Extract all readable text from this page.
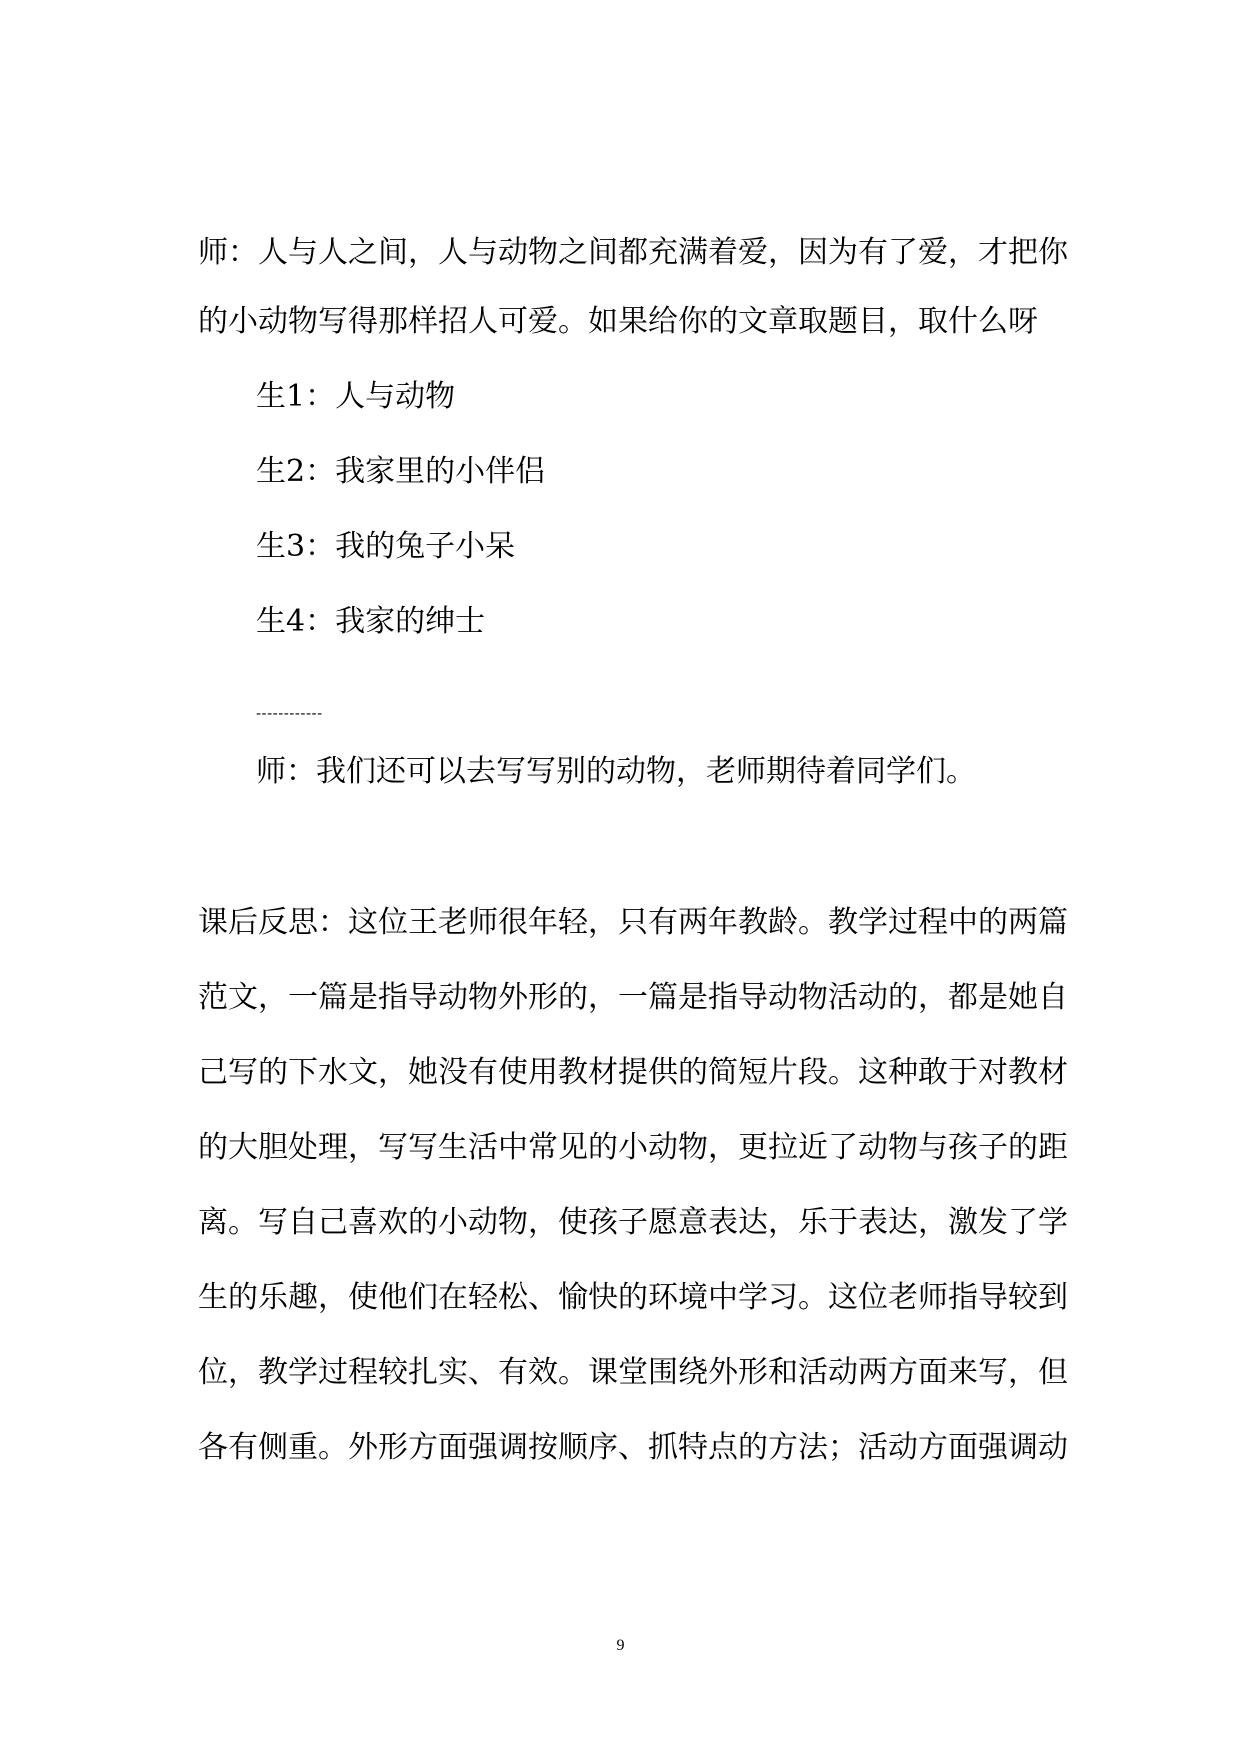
师：人与人之间，人与动物之间都充满着爱，因为有了爱，才把你
的小动物写得那样招人可爱。如果给你的文章取题目，取什么呀
生1：人与动物
生2：我家里的小伴侣
生3：我的兔子小呆
生4：我家的绅士
------------
师：我们还可以去写写别的动物，老师期待着同学们。
课后反思：这位王老师很年轻，只有两年教龄。教学过程中的两篇
范文，一篇是指导动物外形的，一篇是指导动物活动的，都是她自
己写的下水文，她没有使用教材提供的简短片段。这种敢于对教材
的大胆处理，写写生活中常见的小动物，更拉近了动物与孩子的距
离。写自己喜欢的小动物，使孩子愿意表达，乐于表达，激发了学
生的乐趣，使他们在轻松、愉快的环境中学习。这位老师指导较到
位，教学过程较扎实、有效。课堂围绕外形和活动两方面来写，但
各有侧重。外形方面强调按顺序、抓特点的方法；活动方面强调动
9
